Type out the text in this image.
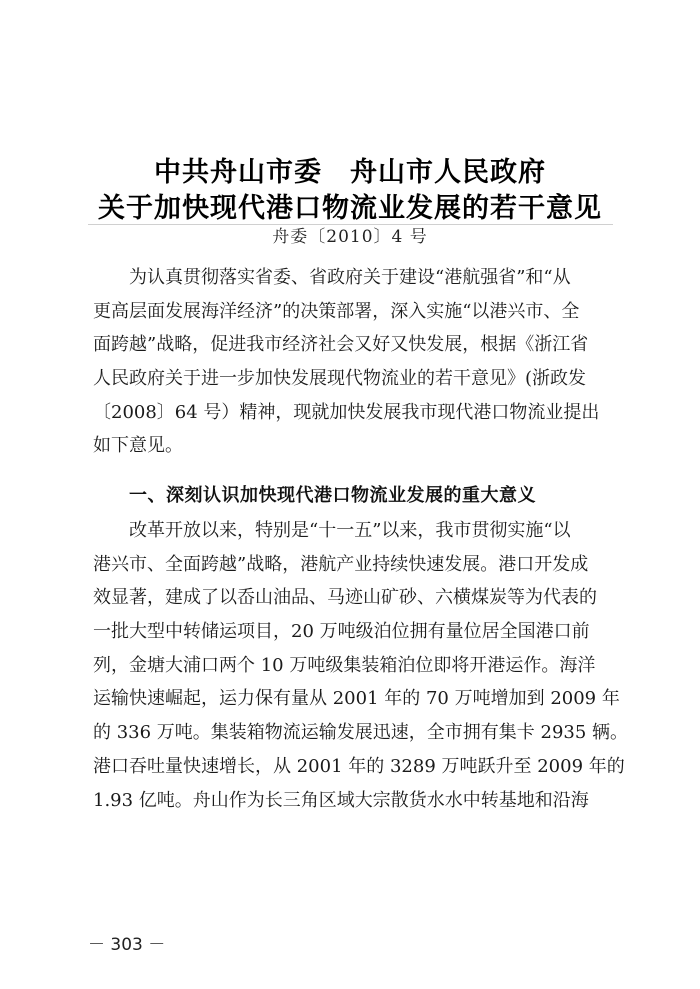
中共舟山市委　舟山市人民政府
关于加快现代港口物流业发展的若干意见
舟委〔2010〕4 号
为认真贯彻落实省委、省政府关于建设“港航强省”和“从
更高层面发展海洋经济”的决策部署，深入实施“以港兴市、全
面跨越”战略，促进我市经济社会又好又快发展，根据《浙江省
人民政府关于进一步加快发展现代物流业的若干意见》(浙政发
〔2008〕64 号）精神，现就加快发展我市现代港口物流业提出
如下意见。
一、深刻认识加快现代港口物流业发展的重大意义
改革开放以来，特别是“十一五”以来，我市贯彻实施“以
港兴市、全面跨越”战略，港航产业持续快速发展。港口开发成
效显著，建成了以岙山油品、马迹山矿砂、六横煤炭等为代表的
一批大型中转储运项目，20 万吨级泊位拥有量位居全国港口前
列，金塘大浦口两个 10 万吨级集装箱泊位即将开港运作。海洋
运输快速崛起，运力保有量从 2001 年的 70 万吨增加到 2009 年
的 336 万吨。集装箱物流运输发展迅速，全市拥有集卡 2935 辆。
港口吞吐量快速增长，从 2001 年的 3289 万吨跃升至 2009 年的
1.93 亿吨。舟山作为长三角区域大宗散货水水中转基地和沿海
－ 303 －
